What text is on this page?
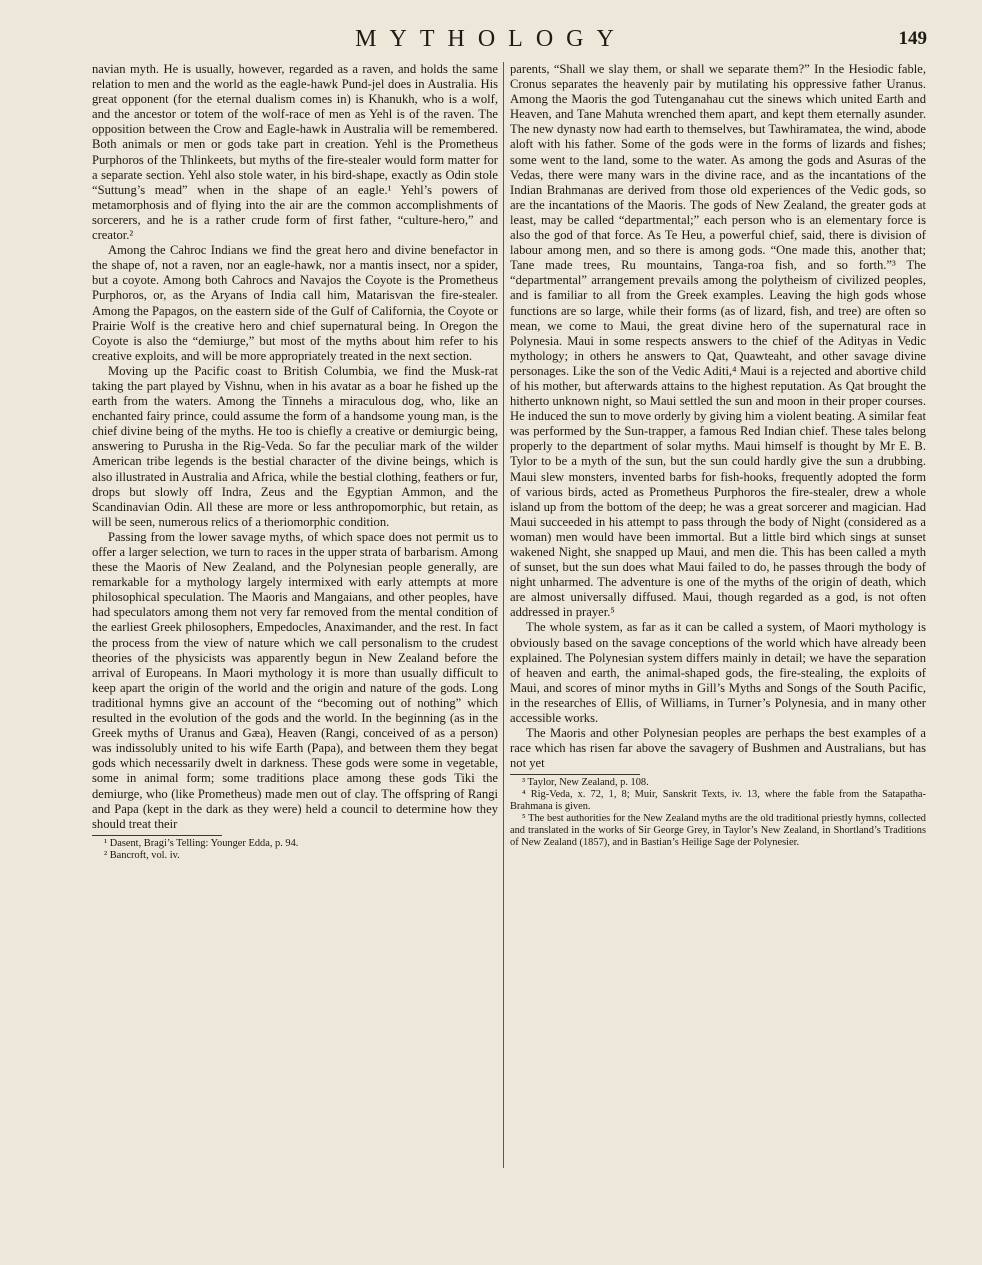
MYTHOLOGY	149

navian myth. He is usually, however, regarded as a raven, and holds the same relation to men and the world as the eagle-hawk Pund-jel does in Australia. His great opponent (for the eternal dualism comes in) is Khanukh, who is a wolf, and the ancestor or totem of the wolf-race of men as Yehl is of the raven. The opposition between the Crow and Eagle-hawk in Australia will be remembered. Both animals or men or gods take part in creation. Yehl is the Prometheus Purphoros of the Thlinkeets, but myths of the fire-stealer would form matter for a separate section. Yehl also stole water, in his bird-shape, exactly as Odin stole “Suttung’s mead” when in the shape of an eagle.¹ Yehl’s powers of metamorphosis and of flying into the air are the common accomplishments of sorcerers, and he is a rather crude form of first father, “culture-hero,” and creator.²

Among the Cahroc Indians we find the great hero and divine benefactor in the shape of, not a raven, nor an eagle-hawk, nor a mantis insect, nor a spider, but a coyote. Among both Cahrocs and Navajos the Coyote is the Prometheus Purphoros, or, as the Aryans of India call him, Matarisvan the fire-stealer. Among the Papagos, on the eastern side of the Gulf of California, the Coyote or Prairie Wolf is the creative hero and chief supernatural being. In Oregon the Coyote is also the “demiurge,” but most of the myths about him refer to his creative exploits, and will be more appropriately treated in the next section.

Moving up the Pacific coast to British Columbia, we find the Musk-rat taking the part played by Vishnu, when in his avatar as a boar he fished up the earth from the waters. Among the Tinnehs a miraculous dog, who, like an enchanted fairy prince, could assume the form of a handsome young man, is the chief divine being of the myths. He too is chiefly a creative or demiurgic being, answering to Purusha in the Rig-Veda. So far the peculiar mark of the wilder American tribe legends is the bestial character of the divine beings, which is also illustrated in Australia and Africa, while the bestial clothing, feathers or fur, drops but slowly off Indra, Zeus and the Egyptian Ammon, and the Scandinavian Odin. All these are more or less anthropomorphic, but retain, as will be seen, numerous relics of a theriomorphic condition.

Passing from the lower savage myths, of which space does not permit us to offer a larger selection, we turn to races in the upper strata of barbarism. Among these the Maoris of New Zealand, and the Polynesian people generally, are remarkable for a mythology largely intermixed with early attempts at more philosophical speculation. The Maoris and Mangaians, and other peoples, have had speculators among them not very far removed from the mental condition of the earliest Greek philosophers, Empedocles, Anaximander, and the rest. In fact the process from the view of nature which we call personalism to the crudest theories of the physicists was apparently begun in New Zealand before the arrival of Europeans. In Maori mythology it is more than usually difficult to keep apart the origin of the world and the origin and nature of the gods. Long traditional hymns give an account of the “becoming out of nothing” which resulted in the evolution of the gods and the world. In the beginning (as in the Greek myths of Uranus and Gæa), Heaven (Rangi, conceived of as a person) was indissolubly united to his wife Earth (Papa), and between them they begat gods which necessarily dwelt in darkness. These gods were some in vegetable, some in animal form; some traditions place among these gods Tiki the demiurge, who (like Prometheus) made men out of clay. The offspring of Rangi and Papa (kept in the dark as they were) held a council to determine how they should treat their

¹ Dasent, Bragi’s Telling: Younger Edda, p. 94.

² Bancroft, vol. iv.

parents, “Shall we slay them, or shall we separate them?” In the Hesiodic fable, Cronus separates the heavenly pair by mutilating his oppressive father Uranus. Among the Maoris the god Tutenganahau cut the sinews which united Earth and Heaven, and Tane Mahuta wrenched them apart, and kept them eternally asunder. The new dynasty now had earth to themselves, but Tawhiramatea, the wind, abode aloft with his father. Some of the gods were in the forms of lizards and fishes; some went to the land, some to the water. As among the gods and Asuras of the Vedas, there were many wars in the divine race, and as the incantations of the Indian Brahmanas are derived from those old experiences of the Vedic gods, so are the incantations of the Maoris. The gods of New Zealand, the greater gods at least, may be called “departmental;” each person who is an elementary force is also the god of that force. As Te Heu, a powerful chief, said, there is division of labour among men, and so there is among gods. “One made this, another that; Tane made trees, Ru mountains, Tanga-roa fish, and so forth.”³ The “departmental” arrangement prevails among the polytheism of civilized peoples, and is familiar to all from the Greek examples. Leaving the high gods whose functions are so large, while their forms (as of lizard, fish, and tree) are often so mean, we come to Maui, the great divine hero of the supernatural race in Polynesia. Maui in some respects answers to the chief of the Adityas in Vedic mythology; in others he answers to Qat, Quawteaht, and other savage divine personages. Like the son of the Vedic Aditi,⁴ Maui is a rejected and abortive child of his mother, but afterwards attains to the highest reputation. As Qat brought the hitherto unknown night, so Maui settled the sun and moon in their proper courses. He induced the sun to move orderly by giving him a violent beating. A similar feat was performed by the Sun-trapper, a famous Red Indian chief. These tales belong properly to the department of solar myths. Maui himself is thought by Mr E. B. Tylor to be a myth of the sun, but the sun could hardly give the sun a drubbing. Maui slew monsters, invented barbs for fish-hooks, frequently adopted the form of various birds, acted as Prometheus Purphoros the fire-stealer, drew a whole island up from the bottom of the deep; he was a great sorcerer and magician. Had Maui succeeded in his attempt to pass through the body of Night (considered as a woman) men would have been immortal. But a little bird which sings at sunset wakened Night, she snapped up Maui, and men die. This has been called a myth of sunset, but the sun does what Maui failed to do, he passes through the body of night unharmed. The adventure is one of the myths of the origin of death, which are almost universally diffused. Maui, though regarded as a god, is not often addressed in prayer.⁵

The whole system, as far as it can be called a system, of Maori mythology is obviously based on the savage conceptions of the world which have already been explained. The Polynesian system differs mainly in detail; we have the separation of heaven and earth, the animal-shaped gods, the fire-stealing, the exploits of Maui, and scores of minor myths in Gill’s Myths and Songs of the South Pacific, in the researches of Ellis, of Williams, in Turner’s Polynesia, and in many other accessible works.

The Maoris and other Polynesian peoples are perhaps the best examples of a race which has risen far above the savagery of Bushmen and Australians, but has not yet

³ Taylor, New Zealand, p. 108.

⁴ Rig-Veda, x. 72, 1, 8; Muir, Sanskrit Texts, iv. 13, where the fable from the Satapatha-Brahmana is given.

⁵ The best authorities for the New Zealand myths are the old traditional priestly hymns, collected and translated in the works of Sir George Grey, in Taylor’s New Zealand, in Shortland’s Traditions of New Zealand (1857), and in Bastian’s Heilige Sage der Polynesier.
